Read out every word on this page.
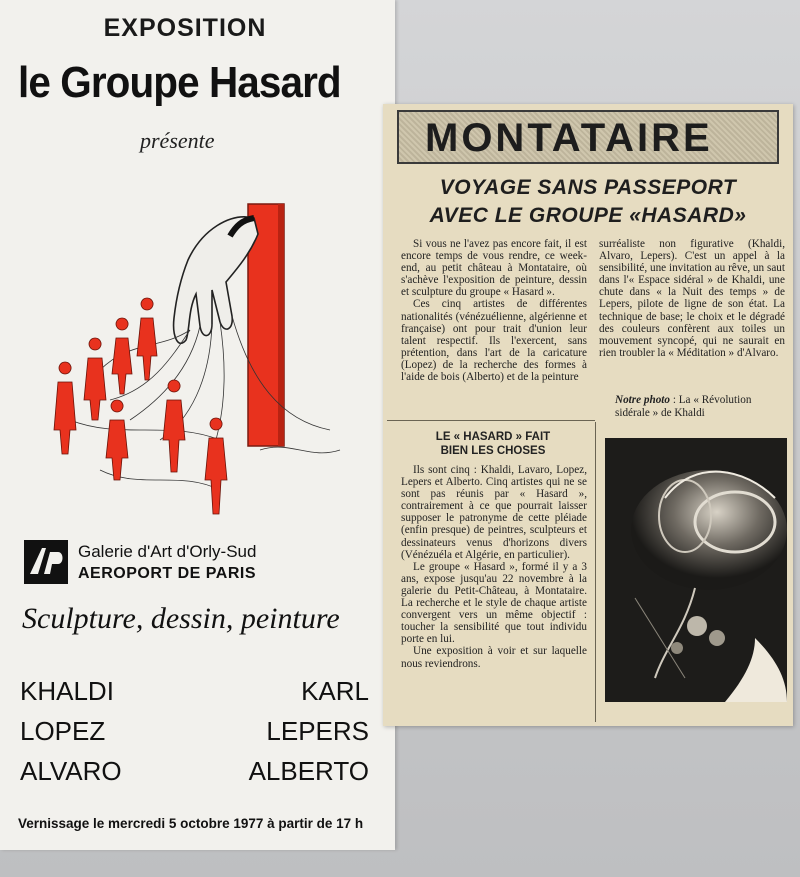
EXPOSITION
le Groupe Hasard
présente
Galerie d'Art d'Orly-Sud
AEROPORT DE PARIS
Sculpture, dessin, peinture
KHALDI
LOPEZ
ALVARO
KARL
LEPERS
ALBERTO
Vernissage le mercredi 5 octobre 1977 à partir de 17 h
MONTATAIRE
VOYAGE SANS PASSEPORT
AVEC LE GROUPE «HASARD»

Si vous ne l'avez pas encore fait, il est encore temps de vous rendre, ce week-end, au petit château à Montataire, où s'achève l'exposition de peinture, dessin et sculpture du groupe « Hasard ».

Ces cinq artistes de différentes nationalités (vénézuélienne, algérienne et française) ont pour trait d'union leur talent respectif. Ils l'exercent, sans prétention, dans l'art de la caricature (Lopez) de la recherche des formes à l'aide de bois (Alberto) et de la peinture

surréaliste non figurative (Khaldi, Alvaro, Lepers). C'est un appel à la sensibilité, une invitation au rêve, un saut dans l'« Espace sidéral » de Khaldi, une chute dans « la Nuit des temps » de Lepers, pilote de ligne de son état. La technique de base; le choix et le dégradé des couleurs confèrent aux toiles un mouvement syncopé, qui ne saurait en rien troubler la « Méditation » d'Alvaro.

Notre photo : La « Révolution sidérale » de Khaldi
LE « HASARD » FAIT
BIEN LES CHOSES

Ils sont cinq : Khaldi, Lavaro, Lopez, Lepers et Alberto. Cinq artistes qui ne se sont pas réunis par « Hasard », contrairement à ce que pourrait laisser supposer le patronyme de cette pléiade (enfin presque) de peintres, sculpteurs et dessinateurs venus d'horizons divers (Vénézuéla et Algérie, en particulier).

Le groupe « Hasard », formé il y a 3 ans, expose jusqu'au 22 novembre à la galerie du Petit-Château, à Montataire. La recherche et le style de chaque artiste convergent vers un même objectif : toucher la sensibilité que tout individu porte en lui.

Une exposition à voir et sur laquelle nous reviendrons.
